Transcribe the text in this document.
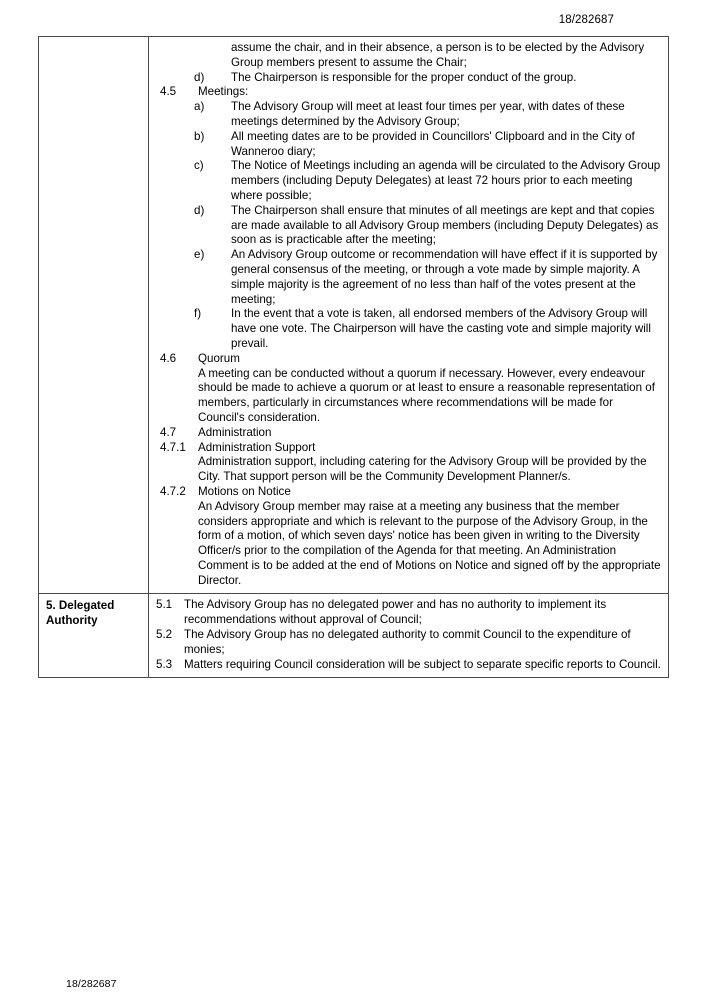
18/282687

assume the chair, and in their absence, a person is to be elected by the Advisory Group members present to assume the Chair;
d)	The Chairperson is responsible for the proper conduct of the group.
4.5	Meetings:
a)	The Advisory Group will meet at least four times per year, with dates of these meetings determined by the Advisory Group;
b)	All meeting dates are to be provided in Councillors' Clipboard and in the City of Wanneroo diary;
c)	The Notice of Meetings including an agenda will be circulated to the Advisory Group members (including Deputy Delegates) at least 72 hours prior to each meeting where possible;
d)	The Chairperson shall ensure that minutes of all meetings are kept and that copies are made available to all Advisory Group members (including Deputy Delegates) as soon as is practicable after the meeting;
e)	An Advisory Group outcome or recommendation will have effect if it is supported by general consensus of the meeting, or through a vote made by simple majority. A simple majority is the agreement of no less than half of the votes present at the meeting;
f)	In the event that a vote is taken, all endorsed members of the Advisory Group will have one vote. The Chairperson will have the casting vote and simple majority will prevail.
4.6	Quorum
A meeting can be conducted without a quorum if necessary. However, every endeavour should be made to achieve a quorum or at least to ensure a reasonable representation of members, particularly in circumstances where recommendations will be made for Council's consideration.
4.7	Administration
4.7.1	Administration Support
Administration support, including catering for the Advisory Group will be provided by the City. That support person will be the Community Development Planner/s.
4.7.2	Motions on Notice
An Advisory Group member may raise at a meeting any business that the member considers appropriate and which is relevant to the purpose of the Advisory Group, in the form of a motion, of which seven days' notice has been given in writing to the Diversity Officer/s prior to the compilation of the Agenda for that meeting. An Administration Comment is to be added at the end of Motions on Notice and signed off by the appropriate Director.

5. Delegated Authority	
5.1	The Advisory Group has no delegated power and has no authority to implement its recommendations without approval of Council;
5.2	The Advisory Group has no delegated authority to commit Council to the expenditure of monies;
5.3	Matters requiring Council consideration will be subject to separate specific reports to Council.
18/282687
